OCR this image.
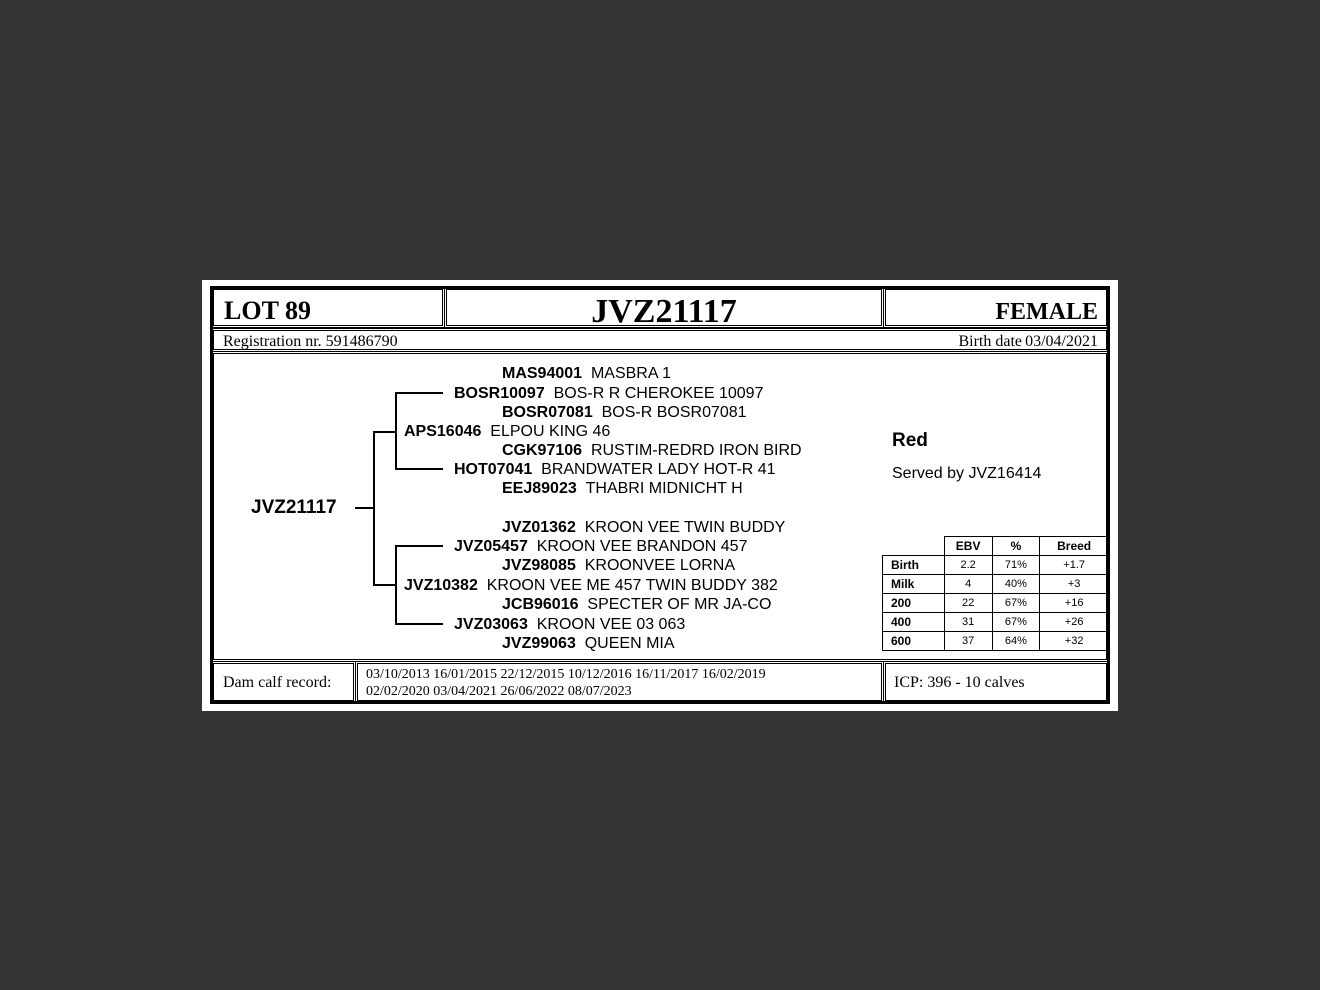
LOT 89	JVZ21117	FEMALE
Registration nr. 591486790	Birth date 03/04/2021
JVZ21117
MAS94001 MASBRA 1
BOSR10097 BOS-R R CHEROKEE 10097
BOSR07081 BOS-R BOSR07081
APS16046 ELPOU KING 46
CGK97106 RUSTIM-REDRD IRON BIRD
HOT07041 BRANDWATER LADY HOT-R 41
EEJ89023 THABRI MIDNICHT H
JVZ01362 KROON VEE TWIN BUDDY
JVZ05457 KROON VEE BRANDON 457
JVZ98085 KROONVEE LORNA
JVZ10382 KROON VEE ME 457 TWIN BUDDY 382
JCB96016 SPECTER OF MR JA-CO
JVZ03063 KROON VEE 03 063
JVZ99063 QUEEN MIA
Red
Served by JVZ16414
	EBV	%	Breed
Birth	2.2	71%	+1.7
Milk	4	40%	+3
200	22	67%	+16
400	31	67%	+26
600	37	64%	+32
Dam calf record: 03/10/2013 16/01/2015 22/12/2015 10/12/2016 16/11/2017 16/02/2019
02/02/2020 03/04/2021 26/06/2022 08/07/2023
ICP: 396 - 10 calves
